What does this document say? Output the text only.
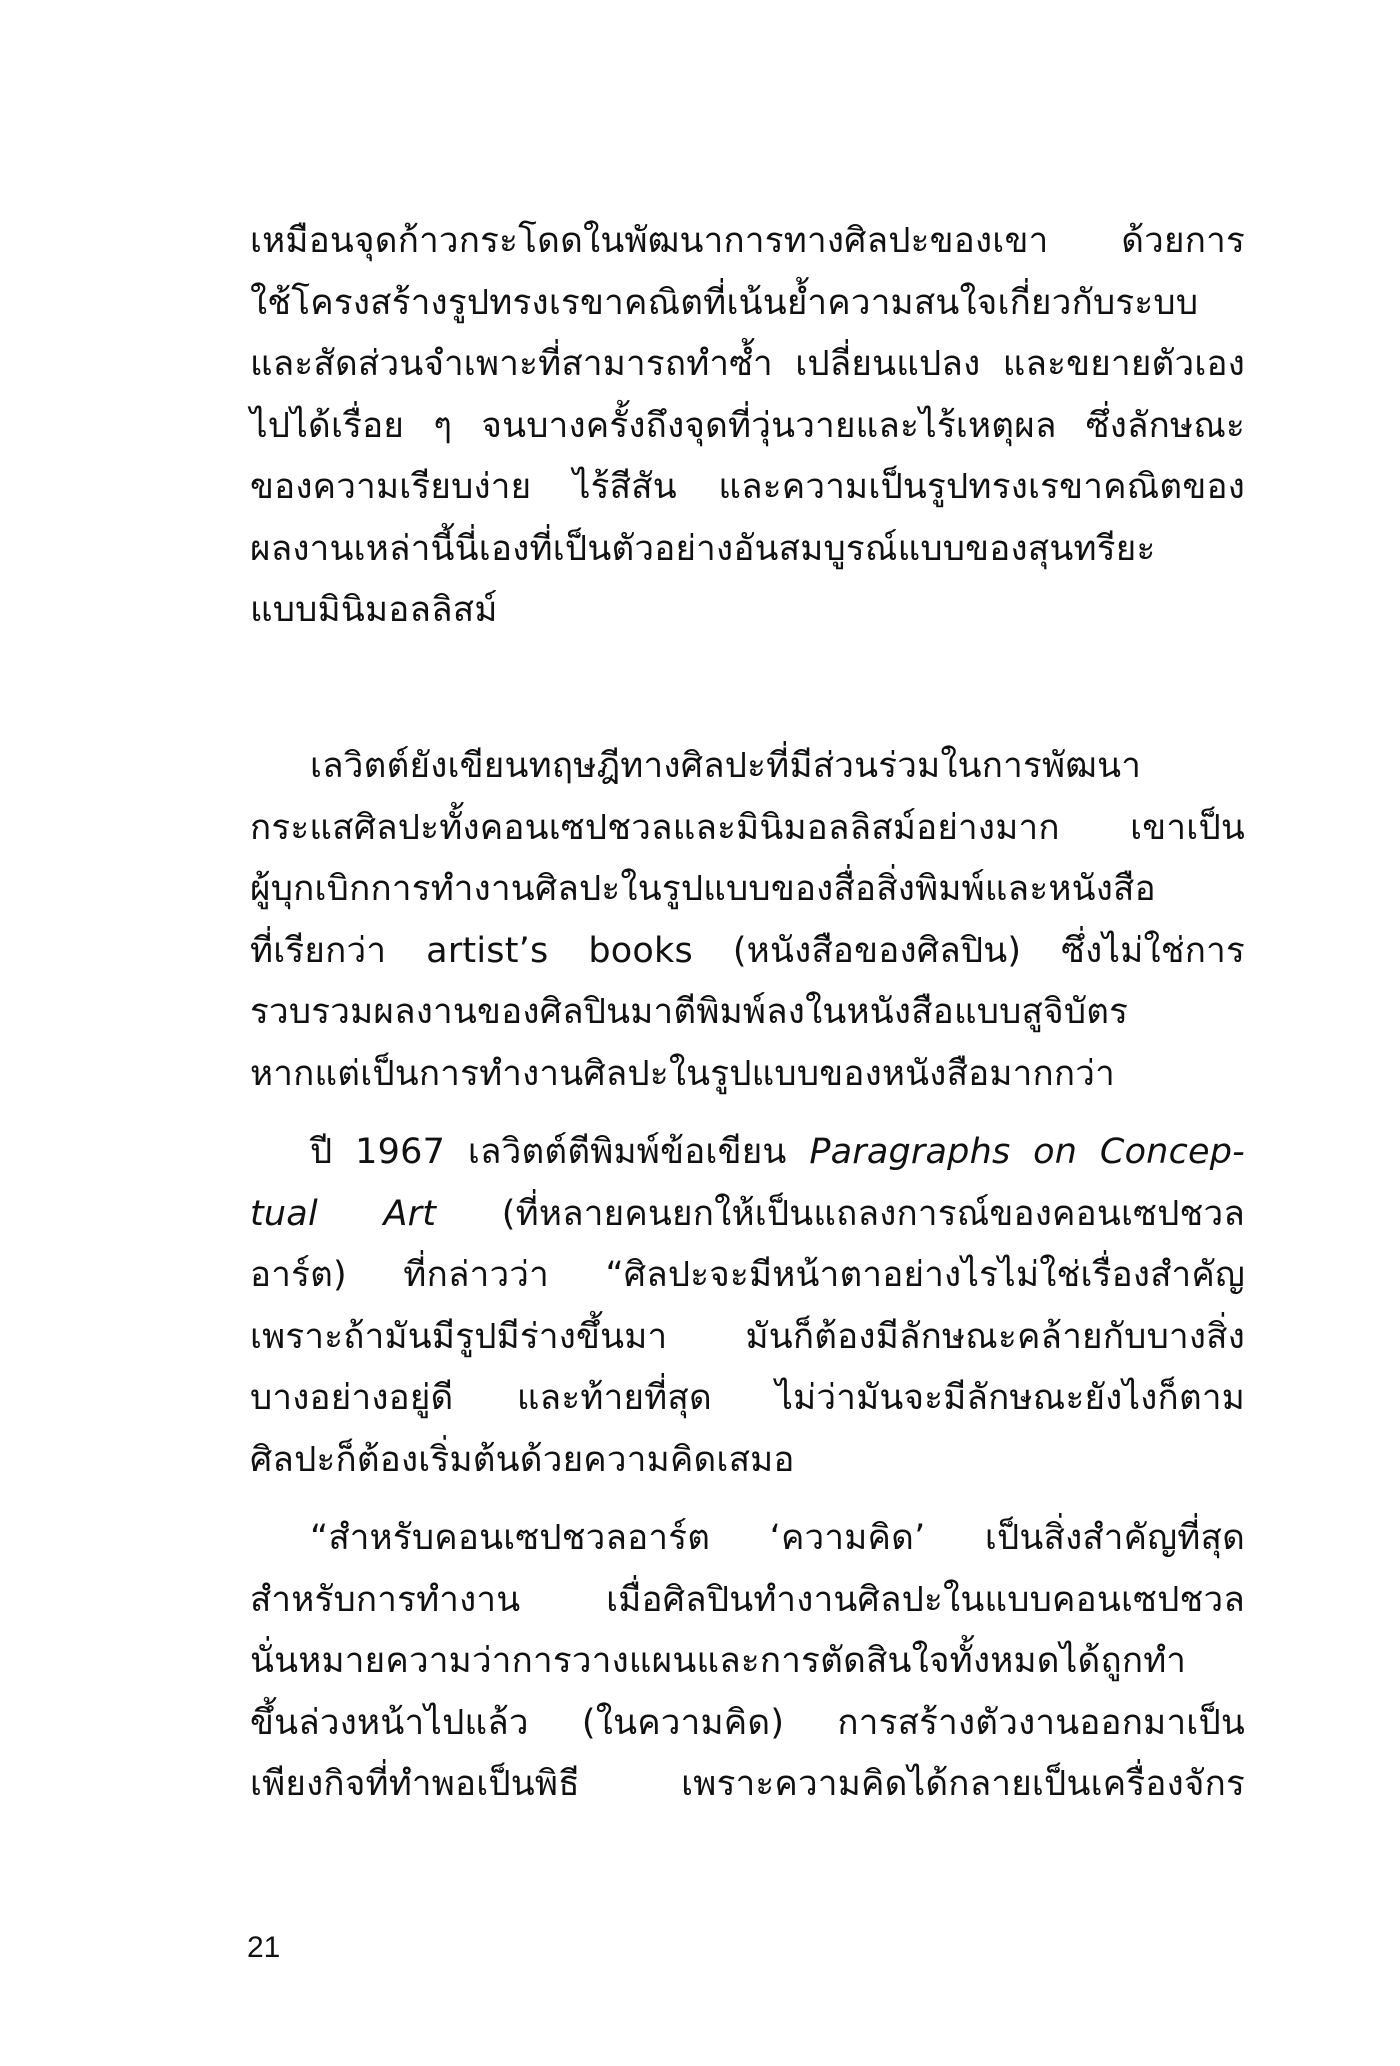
เหมือนจุดก้าวกระโดดในพัฒนาการทางศิลปะของเขา ด้วยการ

ใช้โครงสร้างรูปทรงเรขาคณิตที่เน้นย้ำความสนใจเกี่ยวกับระบบ

และสัดส่วนจำเพาะที่สามารถทำซ้ำ เปลี่ยนแปลง และขยายตัวเอง

ไปได้เรื่อย ๆ จนบางครั้งถึงจุดที่วุ่นวายและไร้เหตุผล ซึ่งลักษณะ

ของความเรียบง่าย ไร้สีสัน และความเป็นรูปทรงเรขาคณิตของ

ผลงานเหล่านี้นี่เองที่เป็นตัวอย่างอันสมบูรณ์แบบของสุนทรียะ

แบบมินิมอลลิสม์

เลวิตต์ยังเขียนทฤษฎีทางศิลปะที่มีส่วนร่วมในการพัฒนา

กระแสศิลปะทั้งคอนเซปชวลและมินิมอลลิสม์อย่างมาก เขาเป็น

ผู้บุกเบิกการทำงานศิลปะในรูปแบบของสื่อสิ่งพิมพ์และหนังสือ

ที่เรียกว่า artist’s books (หนังสือของศิลปิน) ซึ่งไม่ใช่การ

รวบรวมผลงานของศิลปินมาตีพิมพ์ลงในหนังสือแบบสูจิบัตร

หากแต่เป็นการทำงานศิลปะในรูปแบบของหนังสือมากกว่า

ปี 1967 เลวิตต์ตีพิมพ์ข้อเขียน Paragraphs on Concep-

tual Art (ที่หลายคนยกให้เป็นแถลงการณ์ของคอนเซปชวล

อาร์ต) ที่กล่าวว่า “ศิลปะจะมีหน้าตาอย่างไรไม่ใช่เรื่องสำคัญ

เพราะถ้ามันมีรูปมีร่างขึ้นมา มันก็ต้องมีลักษณะคล้ายกับบางสิ่ง

บางอย่างอยู่ดี และท้ายที่สุด ไม่ว่ามันจะมีลักษณะยังไงก็ตาม

ศิลปะก็ต้องเริ่มต้นด้วยความคิดเสมอ

“สำหรับคอนเซปชวลอาร์ต ‘ความคิด’ เป็นสิ่งสำคัญที่สุด

สำหรับการทำงาน เมื่อศิลปินทำงานศิลปะในแบบคอนเซปชวล

นั่นหมายความว่าการวางแผนและการตัดสินใจทั้งหมดได้ถูกทำ

ขึ้นล่วงหน้าไปแล้ว (ในความคิด) การสร้างตัวงานออกมาเป็น

เพียงกิจที่ทำพอเป็นพิธี เพราะความคิดได้กลายเป็นเครื่องจักร

21
